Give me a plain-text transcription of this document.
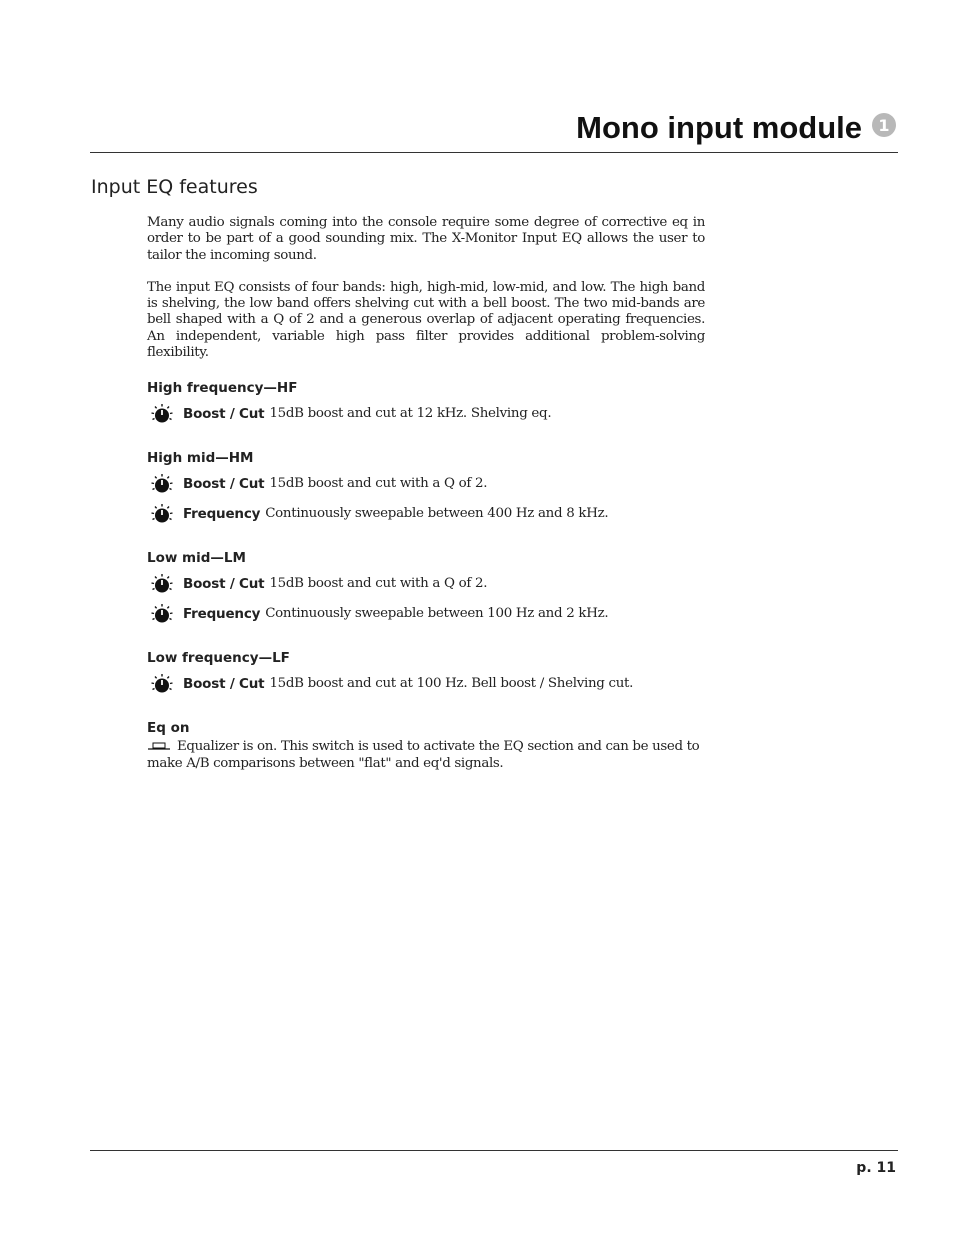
Mono input module	1
Input EQ features

Many audio signals coming into the console require some degree of corrective eq in order to be part of a good sounding mix. The X-Monitor Input EQ allows the user to tailor the incoming sound.

The input EQ consists of four bands: high, high-mid, low-mid, and low. The high band is shelving, the low band offers shelving cut with a bell boost. The two mid-bands are bell shaped with a Q of 2 and a generous overlap of adjacent operating frequencies. An independent, variable high pass filter provides additional problem-solving flexibility.

High frequency—HF
Boost / Cut 15dB boost and cut at 12 kHz. Shelving eq.
High mid—HM
Boost / Cut 15dB boost and cut with a Q of 2.
Frequency Continuously sweepable between 400 Hz and 8 kHz.
Low mid—LM
Boost / Cut 15dB boost and cut with a Q of 2.
Frequency Continuously sweepable between 100 Hz and 2 kHz.
Low frequency—LF
Boost / Cut 15dB boost and cut at 100 Hz. Bell boost / Shelving cut.
Eq on
Equalizer is on. This switch is used to activate the EQ section and can be used to make A/B comparisons between "flat" and eq'd signals.
p. 11
